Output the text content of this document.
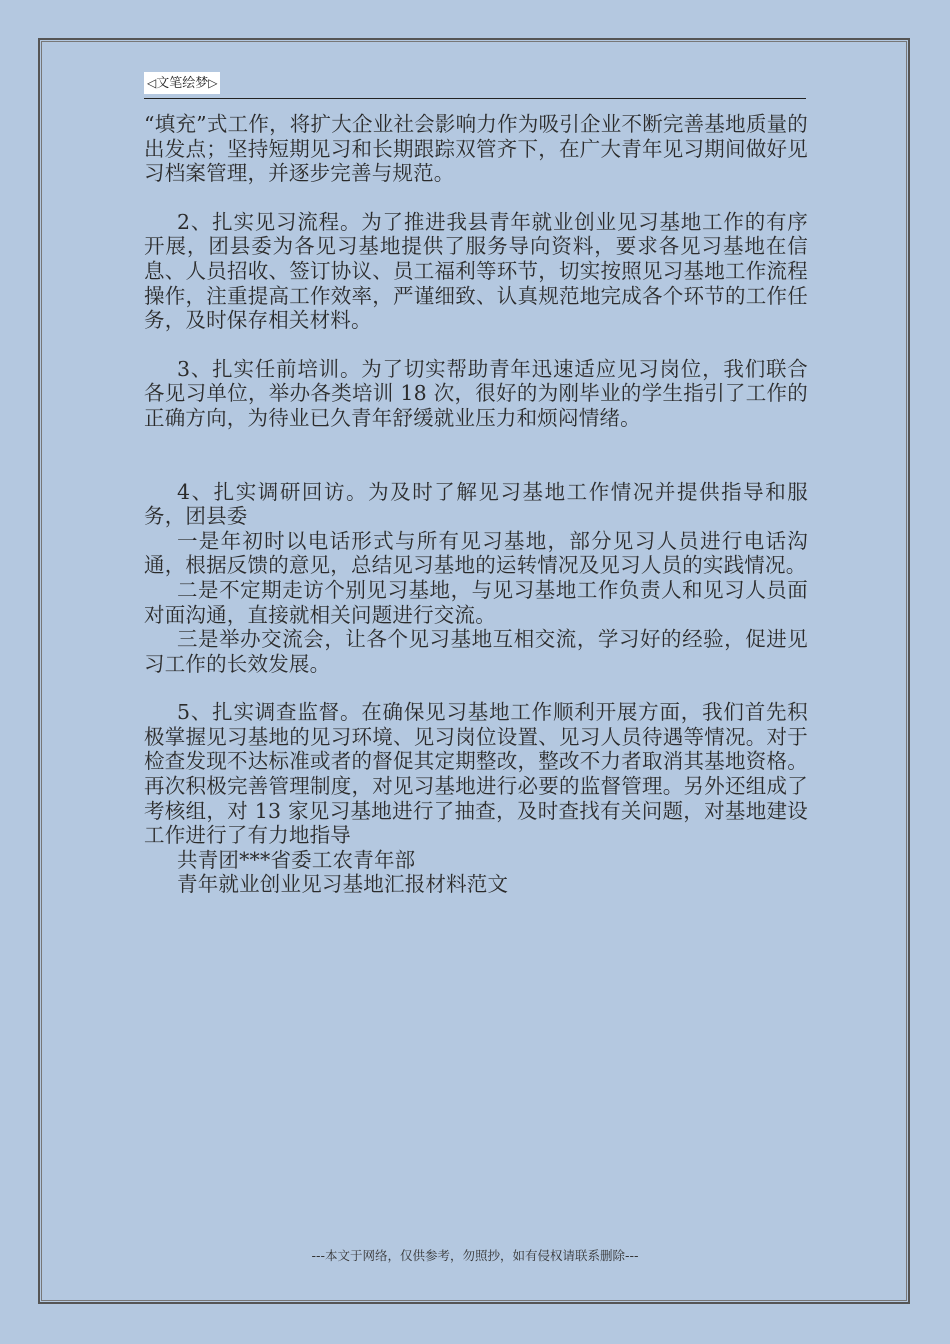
◁文笔绘梦▷

“填充”式工作，将扩大企业社会影响力作为吸引企业不断完善基地质量的出发点；坚持短期见习和长期跟踪双管齐下，在广大青年见习期间做好见习档案管理，并逐步完善与规范。

2、扎实见习流程。为了推进我县青年就业创业见习基地工作的有序开展，团县委为各见习基地提供了服务导向资料，要求各见习基地在信息、人员招收、签订协议、员工福利等环节，切实按照见习基地工作流程操作，注重提高工作效率，严谨细致、认真规范地完成各个环节的工作任务，及时保存相关材料。

3、扎实任前培训。为了切实帮助青年迅速适应见习岗位，我们联合各见习单位，举办各类培训 18 次，很好的为刚毕业的学生指引了工作的正确方向，为待业已久青年舒缓就业压力和烦闷情绪。

4、扎实调研回访。为及时了解见习基地工作情况并提供指导和服务，团县委

一是年初时以电话形式与所有见习基地，部分见习人员进行电话沟通，根据反馈的意见，总结见习基地的运转情况及见习人员的实践情况。

二是不定期走访个别见习基地，与见习基地工作负责人和见习人员面对面沟通，直接就相关问题进行交流。

三是举办交流会，让各个见习基地互相交流，学习好的经验，促进见习工作的长效发展。

5、扎实调查监督。在确保见习基地工作顺利开展方面，我们首先积极掌握见习基地的见习环境、见习岗位设置、见习人员待遇等情况。对于检查发现不达标准或者的督促其定期整改，整改不力者取消其基地资格。再次积极完善管理制度，对见习基地进行必要的监督管理。另外还组成了考核组，对 13 家见习基地进行了抽查，及时查找有关问题，对基地建设工作进行了有力地指导

共青团***省委工农青年部

青年就业创业见习基地汇报材料范文

---本文于网络，仅供参考，勿照抄，如有侵权请联系删除---
